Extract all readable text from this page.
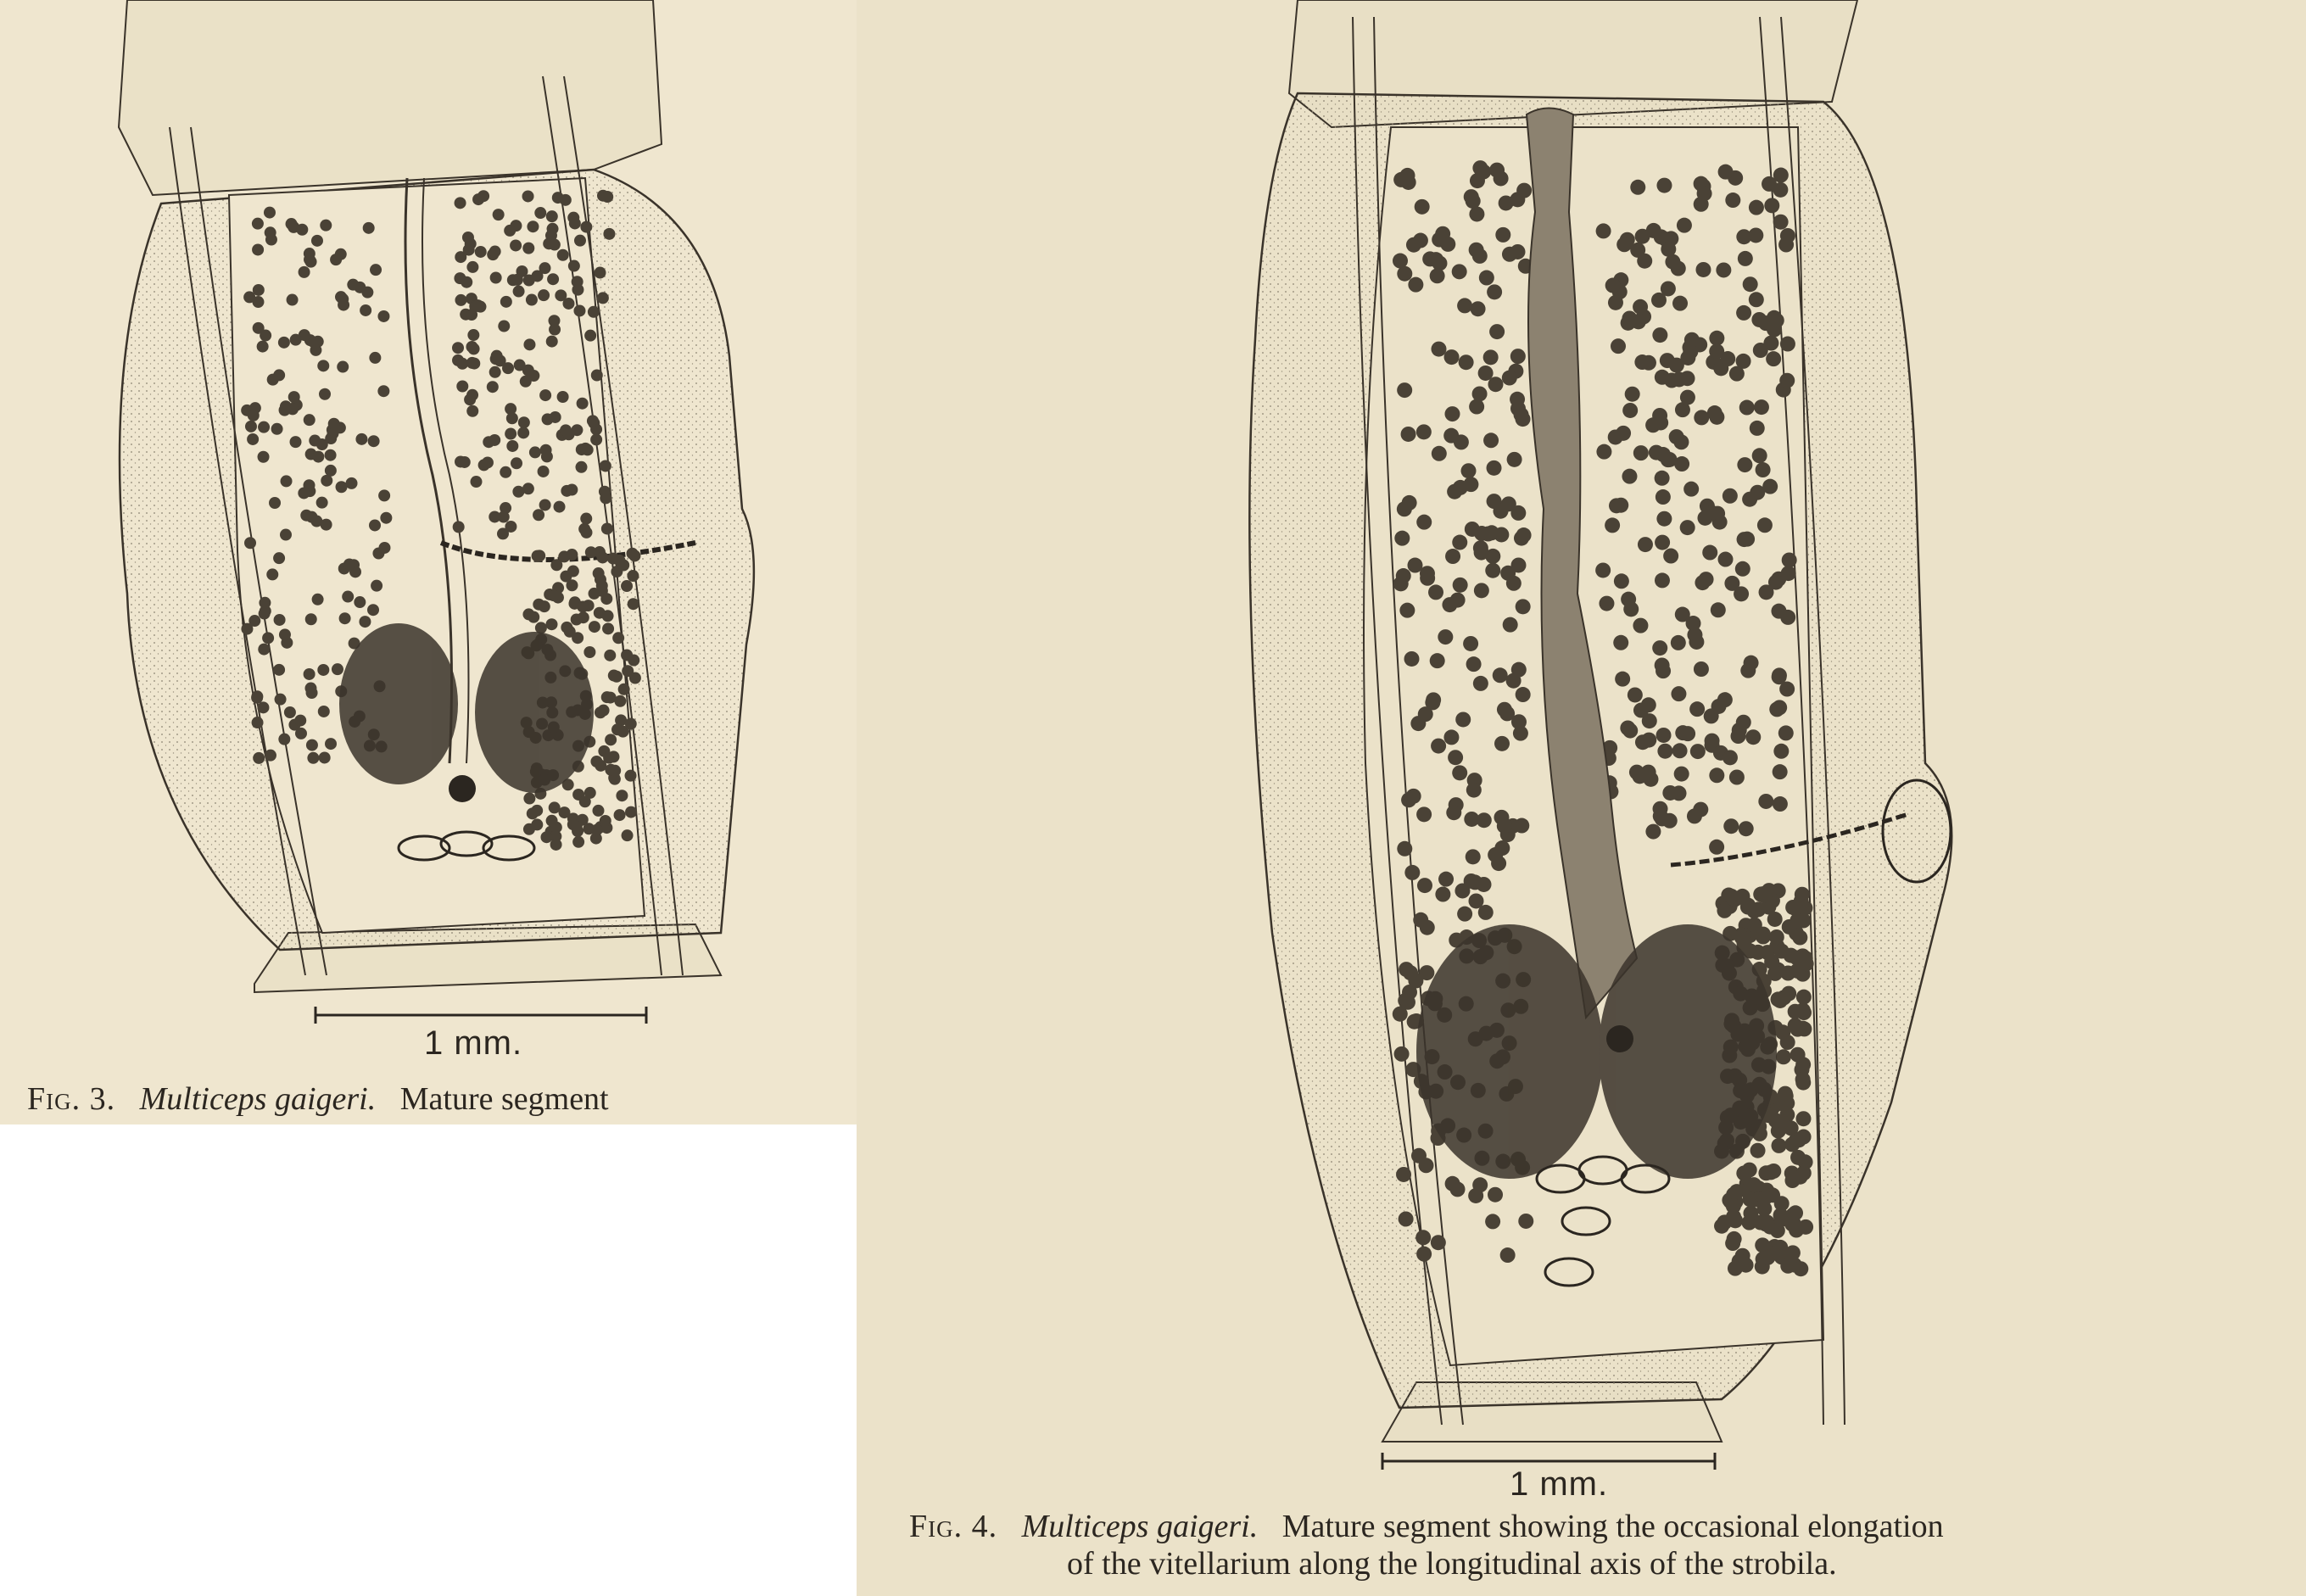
1 mm.
Fig. 3. Multiceps gaigeri. Mature segment
1 mm.
Fig. 4. Multiceps gaigeri. Mature segment showing the occasional elongation
of the vitellarium along the longitudinal axis of the strobila.
